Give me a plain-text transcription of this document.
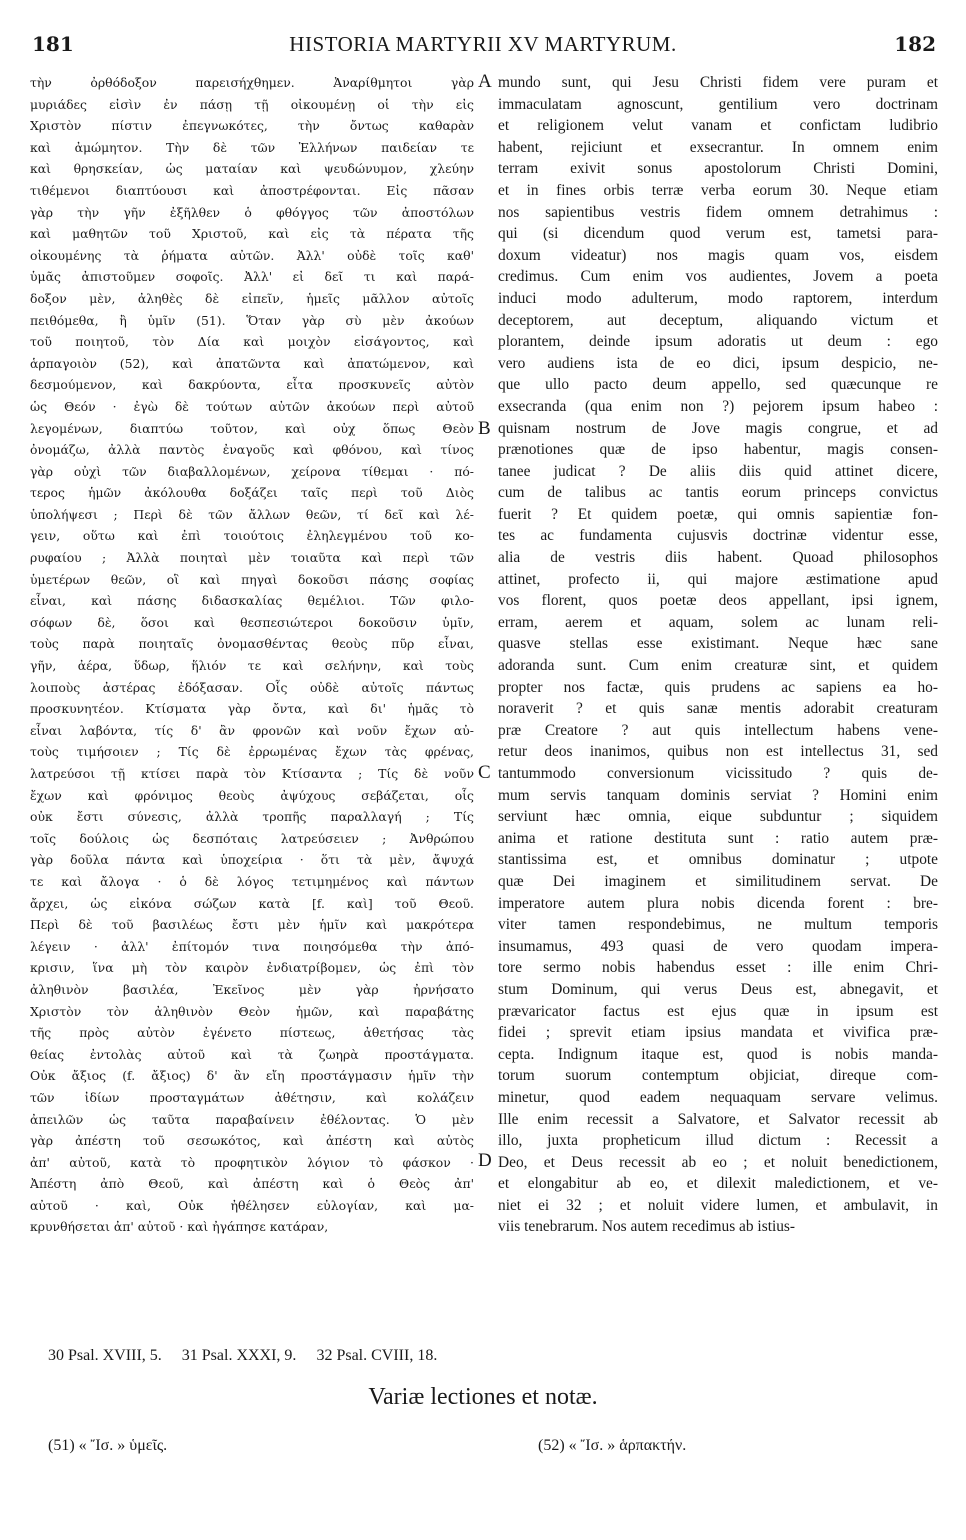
181	HISTORIA MARTYRII XV MARTYRUM.	182
τὴν ὀρθόδοξον παρεισήχθημεν. Ἀναρίθμητοι γὰρ
μυριάδες εἰσὶν ἐν πάσῃ τῇ οἰκουμένῃ οἱ τὴν εἰς
Χριστὸν πίστιν ἐπεγνωκότες, τὴν ὄντως καθαρὰν
καὶ ἀμώμητον. Τὴν δὲ τῶν Ἑλλήνων παιδείαν τε
καὶ θρησκείαν, ὡς ματαίαν καὶ ψευδώνυμον, χλεύην
τιθέμενοι διαπτύουσι καὶ ἀποστρέφονται. Εἰς πᾶσαν
γὰρ τὴν γῆν ἐξῆλθεν ὁ φθόγγος τῶν ἀποστόλων
καὶ μαθητῶν τοῦ Χριστοῦ, καὶ εἰς τὰ πέρατα τῆς
οἰκουμένης τὰ ῥήματα αὐτῶν. Ἀλλ' οὐδὲ τοῖς καθ'
ὑμᾶς ἀπιστοῦμεν σοφοῖς. Ἀλλ' εἰ δεῖ τι καὶ παρά-
δοξον μὲν, ἀληθὲς δὲ εἰπεῖν, ἡμεῖς μᾶλλον αὐτοῖς
πειθόμεθα, ἢ ὑμῖν (51). Ὅταν γὰρ σὺ μὲν ἀκούων
τοῦ ποιητοῦ, τὸν Δία καὶ μοιχὸν εἰσάγοντος, καὶ
ἁρπαγοιὸν (52), καὶ ἀπατῶντα καὶ ἀπατώμενον, καὶ
δεσμούμενον, καὶ δακρύοντα, εἶτα προσκυνεῖς αὐτὸν
ὡς Θεόν · ἐγὼ δὲ τούτων αὐτῶν ἀκούων περὶ αὐτοῦ
λεγομένων, διαπτύω τοῦτον, καὶ οὐχ ὅπως Θεὸν
ὀνομάζω, ἀλλὰ παντὸς ἐναγοῦς καὶ φθόνου, καὶ τίνος
γὰρ οὐχὶ τῶν διαβαλλομένων, χείρονα τίθεμαι · πό-
τερος ἡμῶν ἀκόλουθα δοξάζει ταῖς περὶ τοῦ Διὸς
ὑπολήψεσι ; Περὶ δὲ τῶν ἄλλων θεῶν, τί δεῖ καὶ λέ-
γειν, οὕτω καὶ ἐπὶ τοιούτοις ἐληλεγμένου τοῦ κο-
ρυφαίου ; Ἀλλὰ ποιηταὶ μὲν τοιαῦτα καὶ περὶ τῶν
ὑμετέρων θεῶν, οἳ καὶ πηγαὶ δοκοῦσι πάσης σοφίας
εἶναι, καὶ πάσης διδασκαλίας θεμέλιοι. Τῶν φιλο-
σόφων δὲ, ὅσοι καὶ θεσπεσιώτεροι δοκοῦσιν ὑμῖν,
τοὺς παρὰ ποιηταῖς ὀνομασθέντας θεοὺς πῦρ εἶναι,
γῆν, ἀέρα, ὕδωρ, ἥλιόν τε καὶ σελήνην, καὶ τοὺς
λοιποὺς ἀστέρας ἐδόξασαν. Οἷς οὐδὲ αὐτοῖς πάντως
προσκυνητέον. Κτίσματα γὰρ ὄντα, καὶ δι' ἡμᾶς τὸ
εἶναι λαβόντα, τίς δ' ἂν φρονῶν καὶ νοῦν ἔχων αὐ-
τοὺς τιμήσοιεν ; Τίς δὲ ἐρρωμένας ἔχων τὰς φρένας,
λατρεύσοι τῇ κτίσει παρὰ τὸν Κτίσαντα ; Τίς δὲ νοῦν
ἔχων καὶ φρόνιμος θεοὺς ἀψύχους σεβάζεται, οἷς
οὐκ ἔστι σύνεσις, ἀλλὰ τροπῆς παραλλαγή ; Τίς
τοῖς δούλοις ὡς δεσπόταις λατρεύσειεν ; Ἀνθρώπου
γὰρ δοῦλα πάντα καὶ ὑποχείρια · ὅτι τὰ μὲν, ἄψυχά
τε καὶ ἄλογα · ὁ δὲ λόγος τετιμημένος καὶ πάντων
ἄρχει, ὡς εἰκόνα σώζων κατὰ [f. καὶ] τοῦ Θεοῦ.
Περὶ δὲ τοῦ βασιλέως ἔστι μὲν ἡμῖν καὶ μακρότερα
λέγειν · ἀλλ' ἐπίτομόν τινα ποιησόμεθα τὴν ἀπό-
κρισιν, ἵνα μὴ τὸν καιρὸν ἐνδιατρίβομεν, ὡς ἐπὶ τὸν
ἀληθινὸν βασιλέα, Ἐκεῖνος μὲν γὰρ ἠρνήσατο
Χριστὸν τὸν ἀληθινὸν Θεὸν ἡμῶν, καὶ παραβάτης
τῆς πρὸς αὐτὸν ἐγένετο πίστεως, ἀθετήσας τὰς
θείας ἐντολὰς αὐτοῦ καὶ τὰ ζωηρὰ προστάγματα.
Οὐκ ἄξιος (f. ἄξιος) δ' ἂν εἴη προστάγμασιν ἡμῖν τὴν
τῶν ἰδίων προσταγμάτων ἀθέτησιν, καὶ κολάζειν
ἀπειλῶν ὡς ταῦτα παραβαίνειν ἐθέλοντας. Ὁ μὲν
γὰρ ἀπέστη τοῦ σεσωκότος, καὶ ἀπέστη καὶ αὐτὸς
ἀπ' αὐτοῦ, κατὰ τὸ προφητικὸν λόγιον τὸ φάσκον ·
Ἀπέστη ἀπὸ Θεοῦ, καὶ ἀπέστη καὶ ὁ Θεὸς ἀπ'
αὐτοῦ · καὶ, Οὐκ ἠθέλησεν εὐλογίαν, καὶ μα-
κρυνθήσεται ἀπ' αὐτοῦ · καὶ ἠγάπησε κατάραν,
mundo sunt, qui Jesu Christi fidem vere puram et
immaculatam agnoscunt, gentilium vero doctrinam
et religionem velut vanam et confictam ludibrio
habent, rejiciunt et exsecrantur. In omnem enim
terram exivit sonus apostolorum Christi Domini,
et in fines orbis terræ verba eorum 30. Neque etiam
nos sapientibus vestris fidem omnem detrahimus :
qui (si dicendum quod verum est, tametsi para-
doxum videatur) nos magis quam vos, eisdem
credimus. Cum enim vos audientes, Jovem a poeta
induci modo adulterum, modo raptorem, interdum
deceptorem, aut deceptum, aliquando victum et
plorantem, deinde ipsum adoratis ut deum : ego
vero audiens ista de eo dici, ipsum despicio, ne-
que ullo pacto deum appello, sed quæcunque re
exsecranda (qua enim non ?) pejorem ipsum habeo :
quisnam nostrum de Jove magis congrue, et ad
prænotiones quæ de ipso habentur, magis consen-
tanee judicat ? De aliis diis quid attinet dicere,
cum de talibus ac tantis eorum princeps convictus
fuerit ? Et quidem poetæ, qui omnis sapientiæ fon-
tes ac fundamenta cujusvis doctrinæ videntur esse,
alia de vestris diis habent. Quoad philosophos
attinet, profecto ii, qui majore æstimatione apud
vos florent, quos poetæ deos appellant, ipsi ignem,
erram, aerem et aquam, solem ac lunam reli-
quasve stellas esse existimant. Neque hæc sane
adoranda sunt. Cum enim creaturæ sint, et quidem
propter nos factæ, quis prudens ac sapiens ea ho-
noraverit ? et quis sanæ mentis adorabit creaturam
præ Creatore ? aut quis intellectum habens vene-
retur deos inanimos, quibus non est intellectus 31, sed
tantummodo conversionum vicissitudo ? quis de-
mum servis tanquam dominis serviat ? Homini enim
serviunt hæc omnia, eique subduntur ; siquidem
anima et ratione destituta sunt : ratio autem præ-
stantissima est, et omnibus dominatur ; utpote
quæ Dei imaginem et similitudinem servat. De
imperatore autem plura nobis dicenda forent : bre-
viter tamen respondebimus, ne multum temporis
insumamus, 493 quasi de vero quodam impera-
tore sermo nobis habendus esset : ille enim Chri-
stum Dominum, qui verus Deus est, abnegavit, et
prævaricator factus est ejus quæ in ipsum est
fidei ; sprevit etiam ipsius mandata et vivifica præ-
cepta. Indignum itaque est, quod is nobis manda-
torum suorum contemptum objiciat, direque com-
minetur, quod eadem nequaquam servare velimus.
Ille enim recessit a Salvatore, et Salvator recessit ab
illo, juxta propheticum illud dictum : Recessit a
Deo, et Deus recessit ab eo ; et noluit benedictionem,
et elongabitur ab eo, et dilexit maledictionem, et ve-
niet ei 32 ; et noluit videre lumen, et ambulavit, in
viis tenebrarum. Nos autem recedimus ab istius-
A
B
C
D
30 Psal. XVIII, 5. 31 Psal. XXXI, 9. 32 Psal. CVIII, 18.
Variæ lectiones et notæ.
(51) « Ἴσ. » ὑμεῖς.	(52) « Ἴσ. » ἁρπακτήν.
